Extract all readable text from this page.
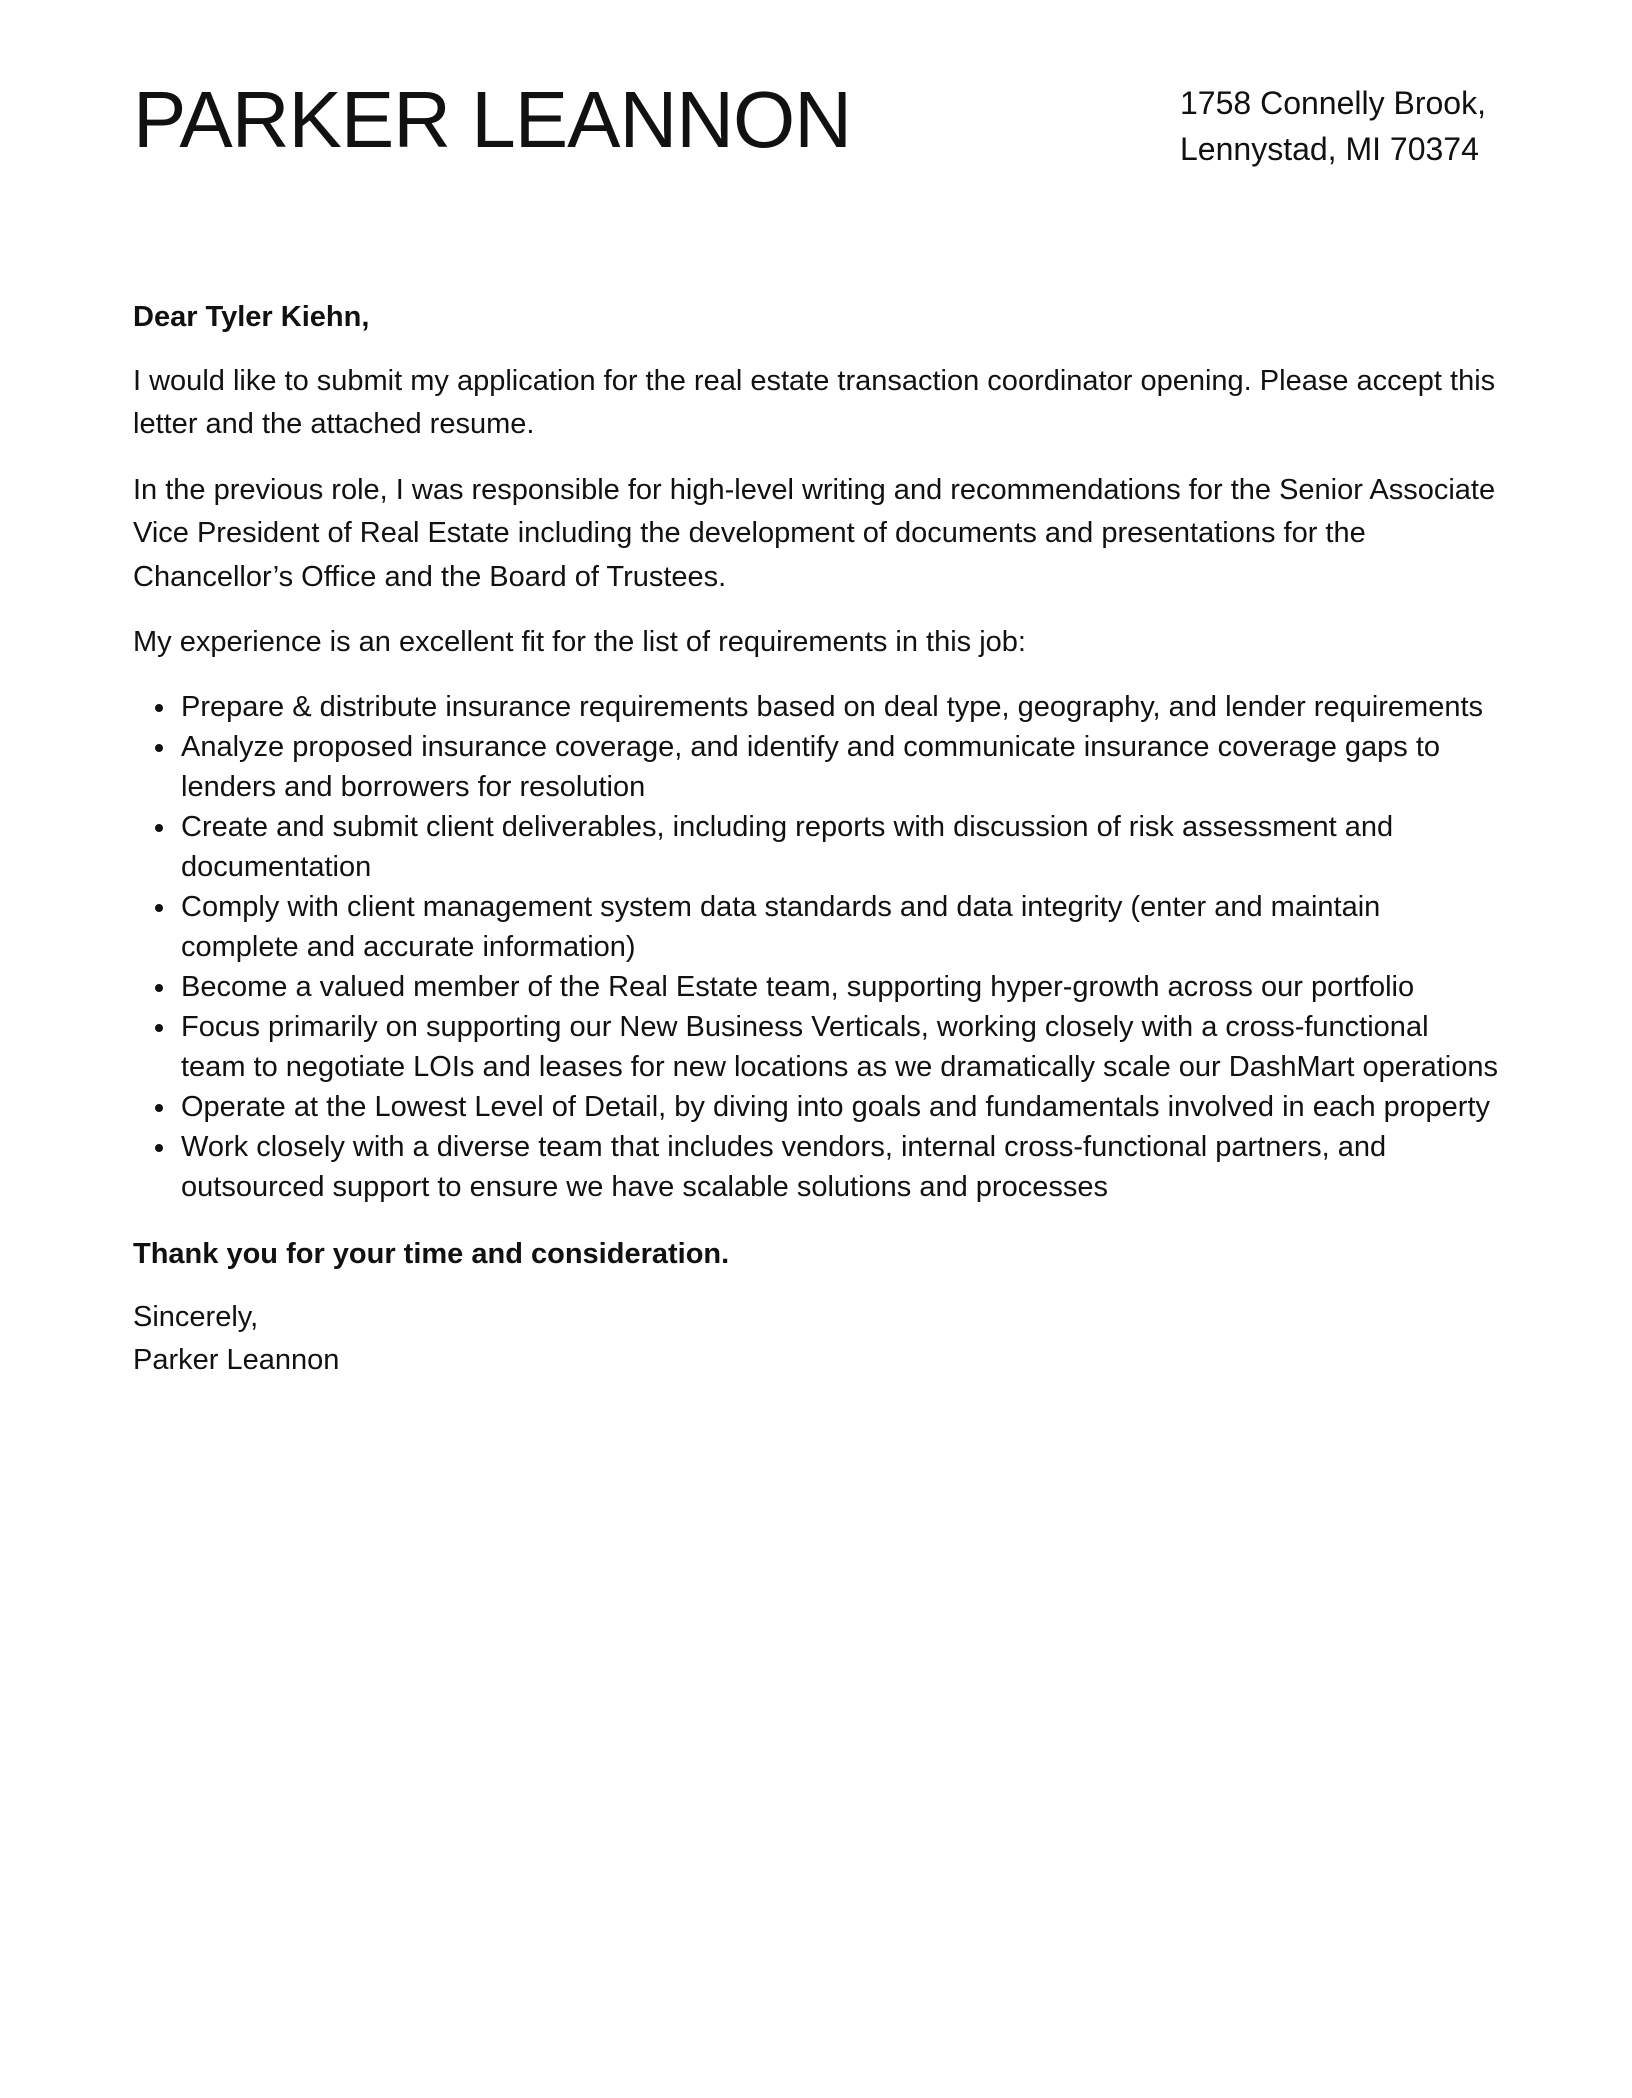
PARKER LEANNON	1758 Connelly Brook,
Lennystad, MI 70374

Dear Tyler Kiehn,

I would like to submit my application for the real estate transaction coordinator opening. Please accept this letter and the attached resume.

In the previous role, I was responsible for high-level writing and recommendations for the Senior Associate Vice President of Real Estate including the development of documents and presentations for the Chancellor’s Office and the Board of Trustees.

My experience is an excellent fit for the list of requirements in this job:

Prepare & distribute insurance requirements based on deal type, geography, and lender requirements
Analyze proposed insurance coverage, and identify and communicate insurance coverage gaps to lenders and borrowers for resolution
Create and submit client deliverables, including reports with discussion of risk assessment and documentation
Comply with client management system data standards and data integrity (enter and maintain complete and accurate information)
Become a valued member of the Real Estate team, supporting hyper-growth across our portfolio
Focus primarily on supporting our New Business Verticals, working closely with a cross-functional team to negotiate LOIs and leases for new locations as we dramatically scale our DashMart operations
Operate at the Lowest Level of Detail, by diving into goals and fundamentals involved in each property
Work closely with a diverse team that includes vendors, internal cross-functional partners, and outsourced support to ensure we have scalable solutions and processes

Thank you for your time and consideration.

Sincerely,
Parker Leannon
